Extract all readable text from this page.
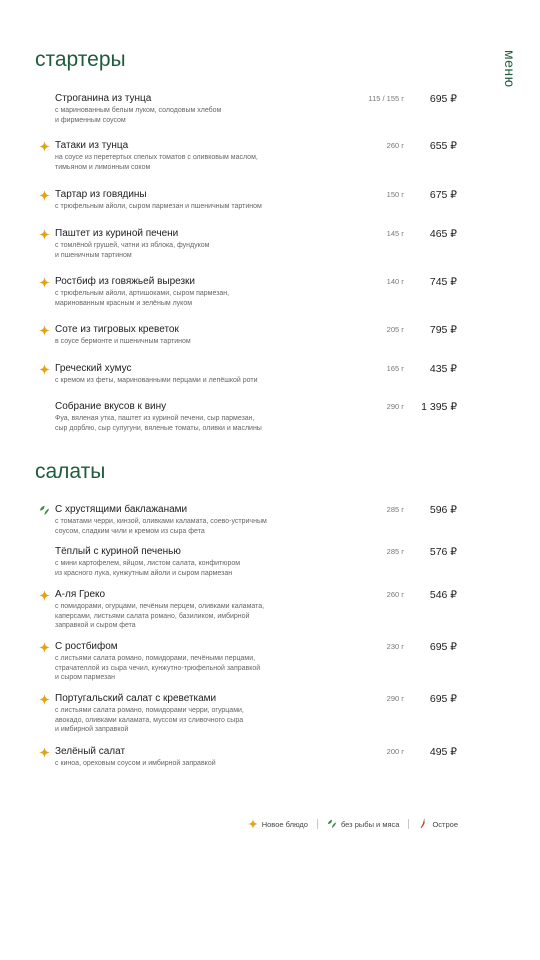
меню
стартеры
салаты
Строганина из тунца
с маринованным белым луком, солодовым хлебом
и фирменным соусом
115 / 155 г 695 ₽
Татаки из тунца
на соусе из перетертых спелых томатов с оливковым маслом,
тимьяном и лимонным соком
260 г 655 ₽
Тартар из говядины
с трюфельным айоли, сыром пармезан и пшеничным тартином
150 г 675 ₽
Паштет из куриной печени
с томлёной грушей, чатни из яблока, фундуком
и пшеничным тартином
145 г 465 ₽
Ростбиф из говяжьей вырезки
с трюфельным айоли, артишоками, сыром пармезан,
маринованным красным и зелёным луком
140 г 745 ₽
Соте из тигровых креветок
в соусе бермонте и пшеничным тартином
205 г 795 ₽
Греческий хумус
с кремом из феты, маринованными перцами и лепёшкой роти
165 г 435 ₽
Собрание вкусов к вину
Фуа, вяленая утка, паштет из куриной печени, сыр пармезан,
сыр дорблю, сыр сулугуни, вяленые томаты, оливки и маслины
290 г 1 395 ₽
С хрустящими баклажанами
с томатами черри, кинзой, оливками каламата, соево-устричным
соусом, сладким чили и кремом из сыра фета
285 г 596 ₽
Тёплый с куриной печенью
с мини картофелем, яйцом, листом салата, конфитюром
из красного лука, кунжутным айоли и сыром пармезан
285 г 576 ₽
А-ля Греко
с помидорами, огурцами, печёным перцем, оливками каламата,
каперсами, листьями салата романо, базиликом, имбирной
заправкой и сыром фета
260 г 546 ₽
С ростбифом
с листьями салата романо, помидорами, печёными перцами,
страчателлой из сыра чечил, кунжутно-трюфельной заправкой
и сыром пармезан
230 г 695 ₽
Португальский салат с креветками
с листьями салата романо, помидорами черри, огурцами,
авокадо, оливками каламата, муссом из сливочного сыра
и имбирной заправкой
290 г 695 ₽
Зелёный салат
с киноа, ореховым соусом и имбирной заправкой
200 г 495 ₽
Новое блюдо	без рыбы и мяса	Острое
